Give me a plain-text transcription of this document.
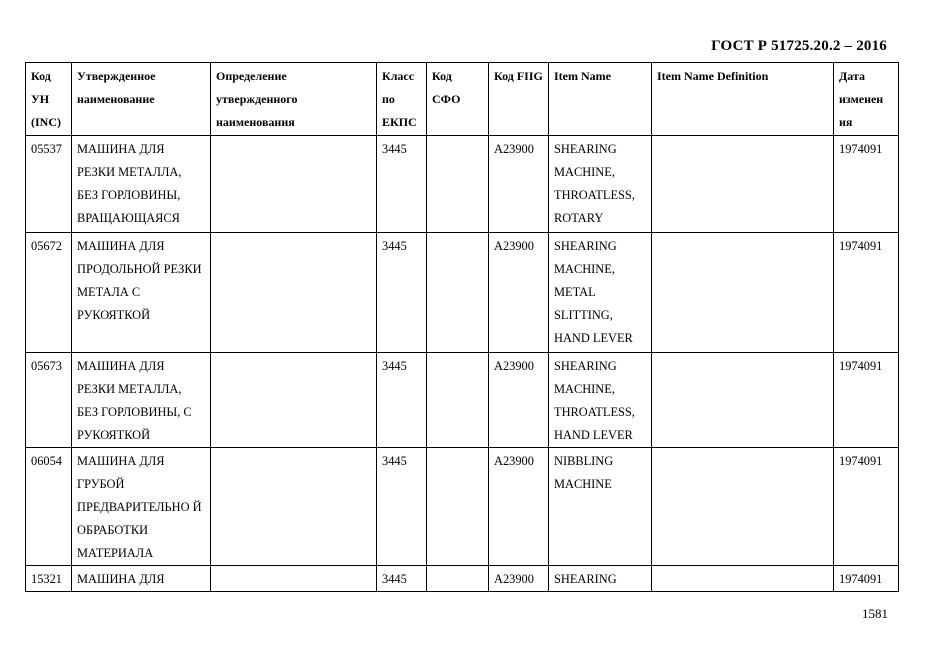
ГОСТ Р 51725.20.2 – 2016
Код УН (INC)	Утвержденное наименование	Определение утвержденного наименования	Класс по ЕКПС	Код СФО	Код FIIG	Item Name	Item Name Definition	Дата изменен ия
05537	МАШИНА ДЛЯ РЕЗКИ МЕТАЛЛА, БЕЗ ГОРЛОВИНЫ, ВРАЩАЮЩАЯСЯ		3445		A23900	SHEARING MACHINE, THROATLESS, ROTARY		1974091
05672	МАШИНА ДЛЯ ПРОДОЛЬНОЙ РЕЗКИ МЕТАЛА С РУКОЯТКОЙ		3445		A23900	SHEARING MACHINE, METAL SLITTING, HAND LEVER		1974091
05673	МАШИНА ДЛЯ РЕЗКИ МЕТАЛЛА, БЕЗ ГОРЛОВИНЫ, С РУКОЯТКОЙ		3445		A23900	SHEARING MACHINE, THROATLESS, HAND LEVER		1974091
06054	МАШИНА ДЛЯ ГРУБОЙ ПРЕДВАРИТЕЛЬНО Й ОБРАБОТКИ МАТЕРИАЛА		3445		A23900	NIBBLING MACHINE		1974091
15321	МАШИНА ДЛЯ		3445		A23900	SHEARING		1974091
1581
